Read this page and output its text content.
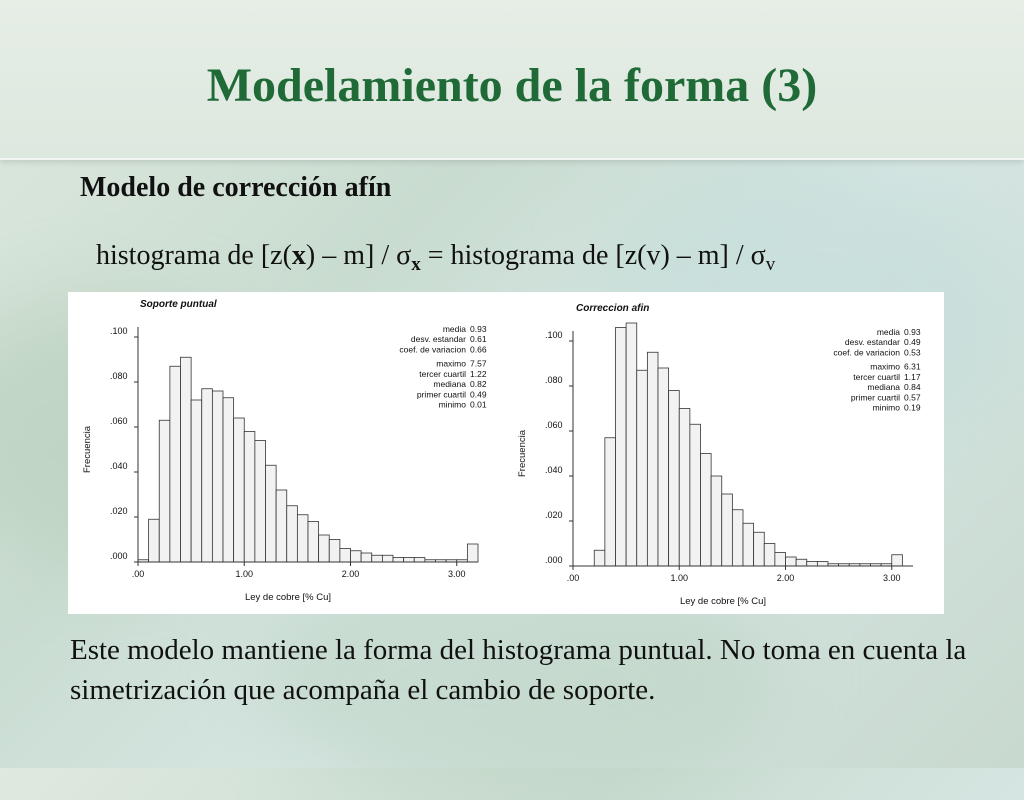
Modelamiento de la forma (3)
Modelo de corrección afín
histograma de $[z(x) - m] / \sigma_x$ = histograma de $[z(v) - m] / \sigma_v$
Soporte puntual
.000
.020
.040
.060
.080
.100
.00	1.00	2.00	3.00
Ley de cobre [% Cu]
Frecuencia
media 0.93
desv. estandar 0.61
coef. de variacion 0.66
maximo 7.57
tercer cuartil 1.22
mediana 0.82
primer cuartil 0.49
minimo 0.01
Correccion afin
.000
.020
.040
.060
.080
.100
.00	1.00	2.00	3.00
Ley de cobre [% Cu]
Frecuencia
media 0.93
desv. estandar 0.49
coef. de variacion 0.53
maximo 6.31
tercer cuartil 1.17
mediana 0.84
primer cuartil 0.57
minimo 0.19
Este modelo mantiene la forma del histograma puntual. No toma en cuenta la simetrización que acompaña el cambio de soporte.
